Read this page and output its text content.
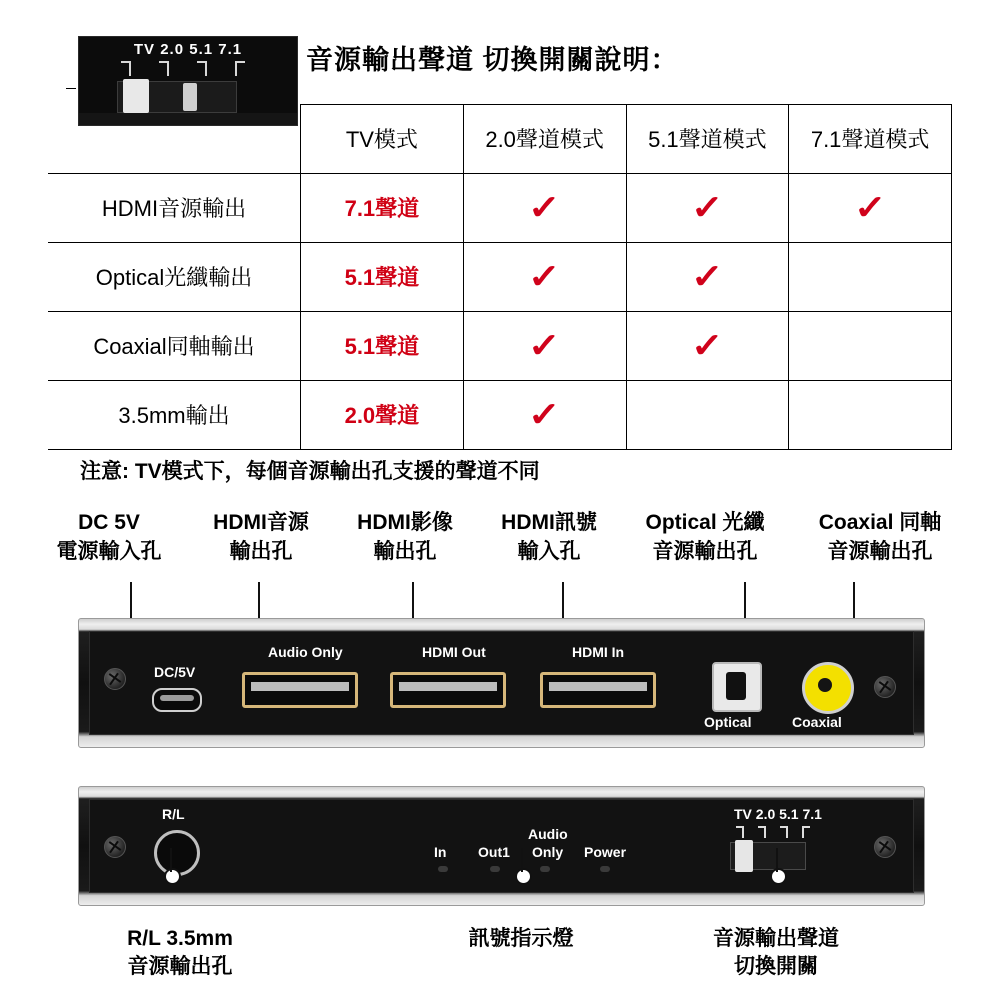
TV 2.0 5.1 7.1	音源輸出聲道 切換開關說明：
	TV模式	2.0聲道模式	5.1聲道模式	7.1聲道模式
HDMI音源輸出	7.1聲道	✓	✓	✓
Optical光纖輸出	5.1聲道	✓	✓	
Coaxial同軸輸出	5.1聲道	✓	✓	
3.5mm輸出	2.0聲道	✓		
注意: TV模式下，每個音源輸出孔支援的聲道不同
DC 5V
電源輸入孔
HDMI音源
輸出孔
HDMI影像
輸出孔
HDMI訊號
輸入孔
Optical 光纖
音源輸出孔
Coaxial 同軸
音源輸出孔
DC/5V
Audio Only	HDMI Out	HDMI In
Optical	Coaxial
R/L
In Out1
Audio
Only Power
TV 2.0 5.1 7.1
R/L 3.5mm
音源輸出孔
訊號指示燈	音源輸出聲道
切換開關
